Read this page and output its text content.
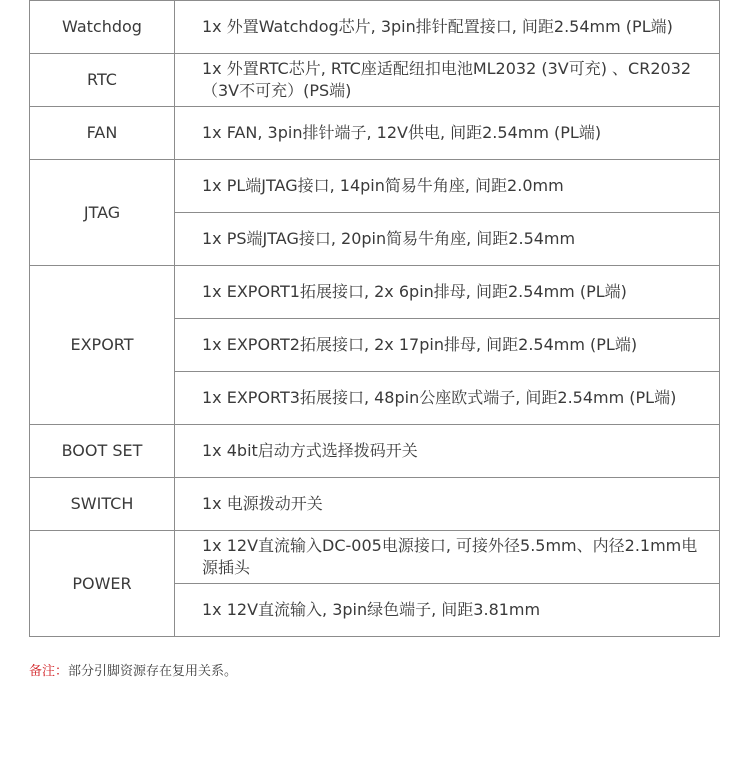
Watchdog	1x 外置Watchdog芯片, 3pin排针配置接口, 间距2.54mm (PL端)
RTC	1x 外置RTC芯片, RTC座适配纽扣电池ML2032 (3V可充) 、CR2032 （3V不可充）(PS端)
FAN	1x FAN, 3pin排针端子, 12V供电, 间距2.54mm (PL端)
JTAG	1x PL端JTAG接口, 14pin简易牛角座, 间距2.0mm
	1x PS端JTAG接口, 20pin简易牛角座, 间距2.54mm
EXPORT	1x EXPORT1拓展接口, 2x 6pin排母, 间距2.54mm (PL端)
	1x EXPORT2拓展接口, 2x 17pin排母, 间距2.54mm (PL端)
	1x EXPORT3拓展接口, 48pin公座欧式端子, 间距2.54mm (PL端)
BOOT SET	1x 4bit启动方式选择拨码开关
SWITCH	1x 电源拨动开关
POWER	1x 12V直流输入DC-005电源接口, 可接外径5.5mm、内径2.1mm电源插头
	1x 12V直流输入, 3pin绿色端子, 间距3.81mm
备注：部分引脚资源存在复用关系。
